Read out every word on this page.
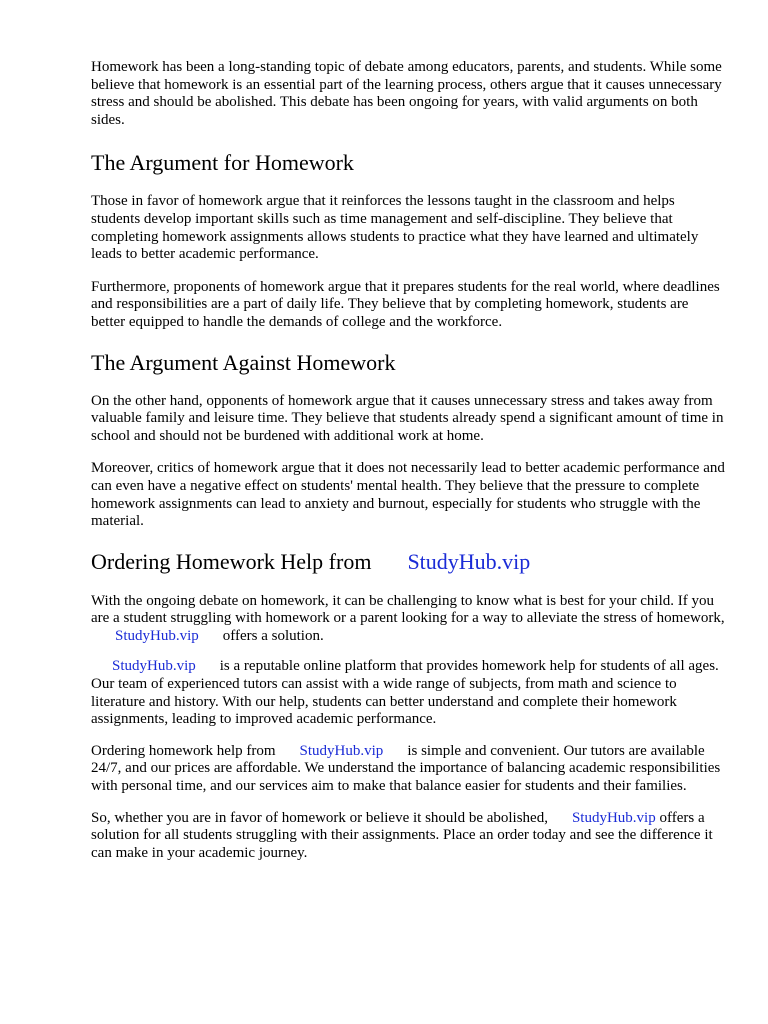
Homework has been a long-standing topic of debate among educators, parents, and students. While some believe that homework is an essential part of the learning process, others argue that it causes unnecessary stress and should be abolished. This debate has been ongoing for years, with valid arguments on both sides.

The Argument for Homework

Those in favor of homework argue that it reinforces the lessons taught in the classroom and helps students develop important skills such as time management and self-discipline. They believe that completing homework assignments allows students to practice what they have learned and ultimately leads to better academic performance.

Furthermore, proponents of homework argue that it prepares students for the real world, where deadlines and responsibilities are a part of daily life. They believe that by completing homework, students are better equipped to handle the demands of college and the workforce.

The Argument Against Homework

On the other hand, opponents of homework argue that it causes unnecessary stress and takes away from valuable family and leisure time. They believe that students already spend a significant amount of time in school and should not be burdened with additional work at home.

Moreover, critics of homework argue that it does not necessarily lead to better academic performance and can even have a negative effect on students' mental health. They believe that the pressure to complete homework assignments can lead to anxiety and burnout, especially for students who struggle with the material.

Ordering Homework Help from StudyHub.vip

With the ongoing debate on homework, it can be challenging to know what is best for your child. If you are a student struggling with homework or a parent looking for a way to alleviate the stress of homework,StudyHub.vip offers a solution.

StudyHub.vip is a reputable online platform that provides homework help for students of all ages. Our team of experienced tutors can assist with a wide range of subjects, from math and science to literature and history. With our help, students can better understand and complete their homework assignments, leading to improved academic performance.

Ordering homework help from StudyHub.vip is simple and convenient. Our tutors are available 24/7, and our prices are affordable. We understand the importance of balancing academic responsibilities with personal time, and our services aim to make that balance easier for students and their families.

So, whether you are in favor of homework or believe it should be abolished, StudyHub.vip offers a solution for all students struggling with their assignments. Place an order today and see the difference it can make in your academic journey.
